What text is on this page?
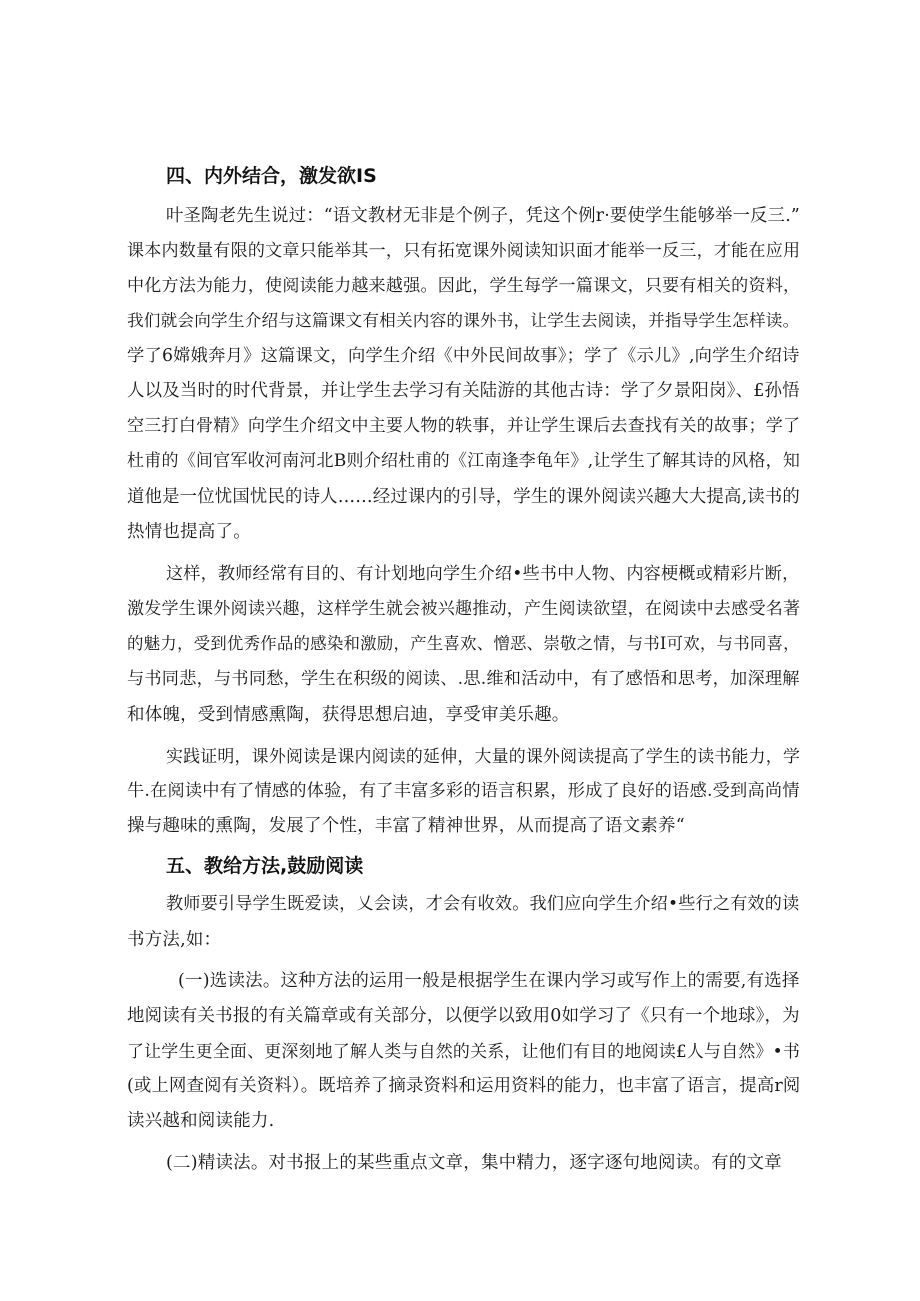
四、内外结合，激发欲IS
叶圣陶老先生说过：“语文教材无非是个例子，凭这个例r·要使学生能够举一反三.”
课本内数量有限的文章只能举其一，只有拓宽课外阅读知识面才能举一反三，才能在应用
中化方法为能力，使阅读能力越来越强。因此，学生每学一篇课文，只要有相关的资料，
我们就会向学生介绍与这篇课文有相关内容的课外书，让学生去阅读，并指导学生怎样读。
学了6嫦娥奔月》这篇课文，向学生介绍《中外民间故事》；学了《示儿》,向学生介绍诗
人以及当时的时代背景，并让学生去学习有关陆游的其他古诗：学了夕景阳岗》、£孙悟
空三打白骨精》向学生介绍文中主要人物的轶事，并让学生课后去查找有关的故事；学了
杜甫的《间官军收河南河北B则介绍杜甫的《江南逢李龟年》,让学生了解其诗的风格，知
道他是一位忧国忧民的诗人……经过课内的引导，学生的课外阅读兴趣大大提高,读书的
热情也提高了。
这样，教师经常有目的、有计划地向学生介绍•些书中人物、内容梗概或精彩片断，
激发学生课外阅读兴趣，这样学生就会被兴趣推动，产生阅读欲望，在阅读中去感受名著
的魅力，受到优秀作品的感染和激励，产生喜欢、憎恶、崇敬之情，与书I可欢，与书同喜，
与书同悲，与书同愁，学生在积级的阅读、.思.维和活动中，有了感悟和思考，加深理解
和体魄，受到情感熏陶，获得思想启迪，享受审美乐趣。
实践证明，课外阅读是课内阅读的延伸，大量的课外阅读提高了学生的读书能力，学
牛.在阅读中有了情感的体验，有了丰富多彩的语言积累，形成了良好的语感.受到高尚情
操与趣味的熏陶，发展了个性，丰富了精神世界，从而提高了语文素养“
五、教给方法,鼓励阅读
教师要引导学生既爱读，乂会读，才会有收效。我们应向学生介绍•些行之有效的读
书方法,如：
(一)选读法。这种方法的运用一般是根据学生在课内学习或写作上的需要,有选择
地阅读有关书报的有关篇章或有关部分，以便学以致用0如学习了《只有一个地球》，为
了让学生更全面、更深刻地了解人类与自然的关系，让他们有目的地阅读£人与自然》•书
(或上网查阅有关资料）。既培养了摘录资料和运用资料的能力，也丰富了语言，提高r阅
读兴越和阅读能力.
(二)精读法。对书报上的某些重点文章，集中精力，逐字逐句地阅读。有的文章
